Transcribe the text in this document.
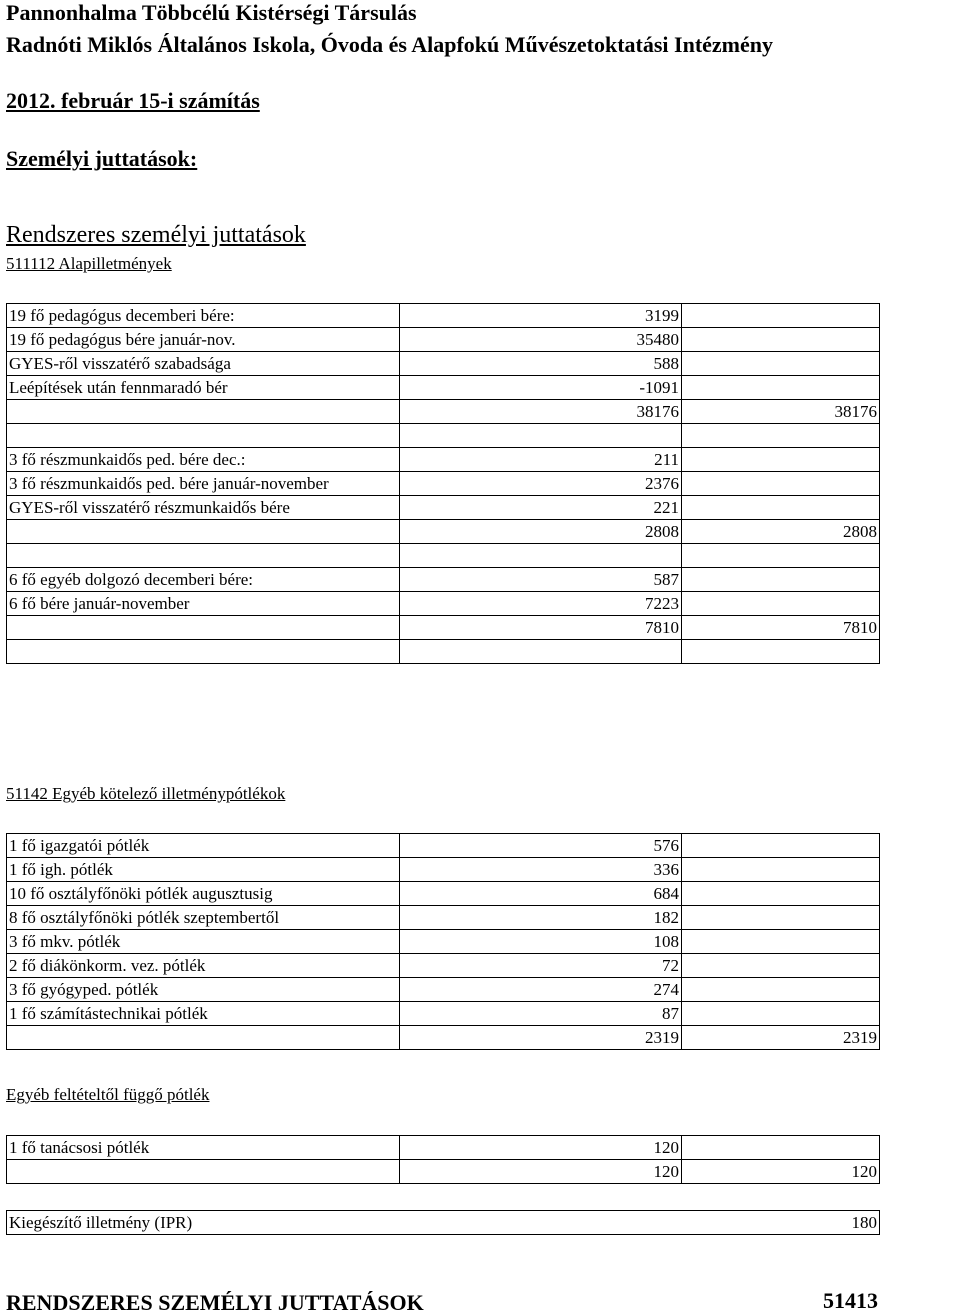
Pannonhalma Többcélú Kistérségi Társulás
Radnóti Miklós Általános Iskola, Óvoda és Alapfokú Művészetoktatási Intézmény
2012. február 15-i számítás
Személyi juttatások:
Rendszeres személyi juttatások
511112 Alapilletmények
19 fő pedagógus decemberi bére:	3199	
19 fő pedagógus bére január-nov.	35480	
GYES-ről visszatérő szabadsága	588	
Leépítések után fennmaradó bér	-1091	
	38176	38176

3 fő részmunkaidős ped. bére dec.:	211	
3 fő részmunkaidős ped. bére január-november	2376	
GYES-ről visszatérő részmunkaidős bére	221	
	2808	2808

6 fő egyéb dolgozó decemberi bére:	587	
6 fő bére január-november	7223	
	7810	7810

51142 Egyéb kötelező illetménypótlékok
1 fő igazgatói pótlék	576	
1 fő igh. pótlék	336	
10 fő osztályfőnöki pótlék augusztusig	684	
8 fő osztályfőnöki pótlék szeptembertől	182	
3 fő mkv. pótlék	108	
2 fő diákönkorm. vez. pótlék	72	
3 fő gyógyped. pótlék	274	
1 fő számítástechnikai pótlék	87	
	2319	2319
Egyéb feltételtől függő pótlék
1 fő tanácsosi pótlék	120	
	120	120
Kiegészítő illetmény (IPR)		180
RENDSZERES SZEMÉLYI JUTTATÁSOK	51413
